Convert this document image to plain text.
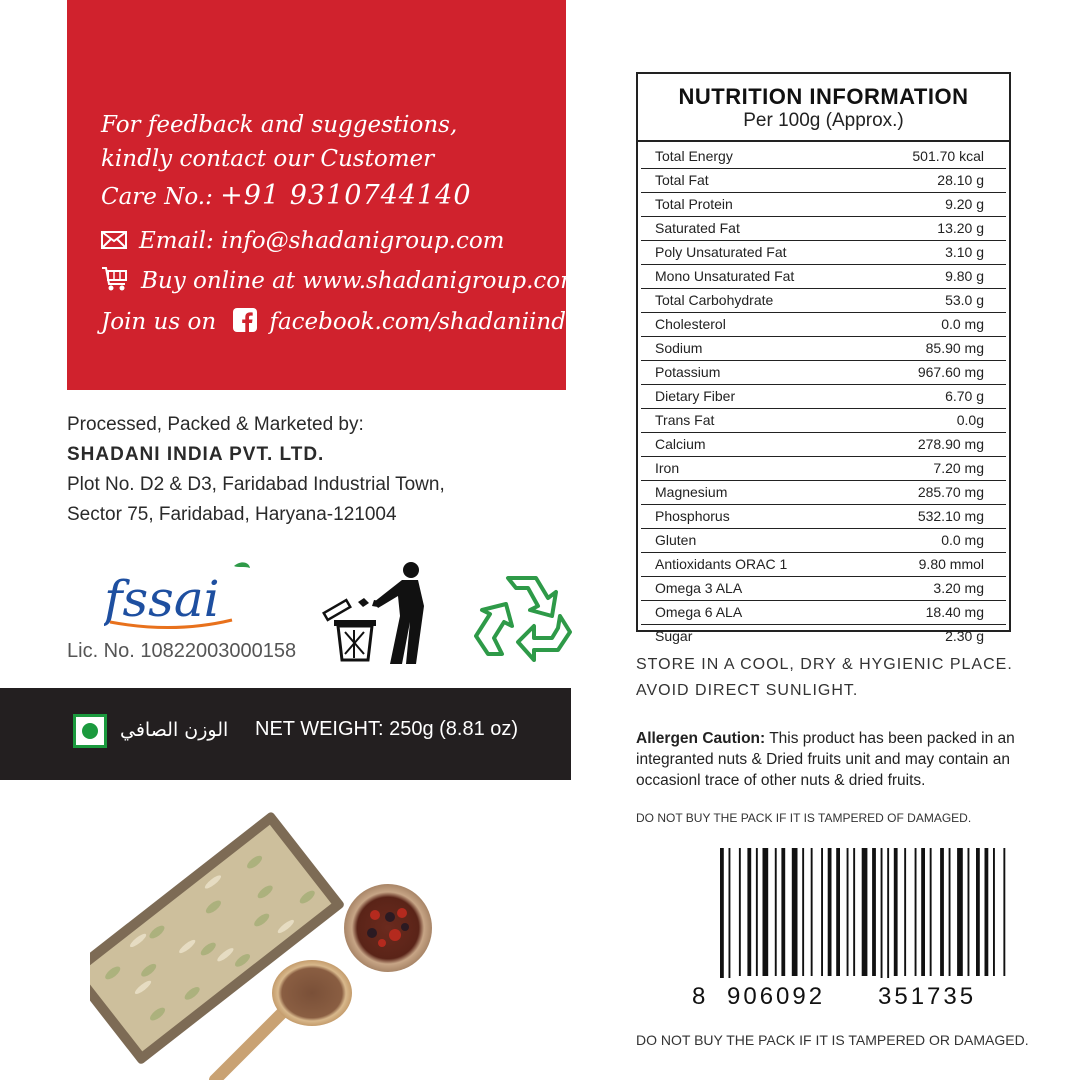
For feedback and suggestions,
kindly contact our Customer
Care No.: +91 9310744140
Email: info@shadanigroup.com
Buy online at www.shadanigroup.com
Join us on facebook.com/shadaniindia
Processed, Packed & Marketed by:
SHADANI INDIA PVT. LTD.
Plot No. D2 & D3, Faridabad Industrial Town,
Sector 75, Faridabad, Haryana-121004
fssai
Lic. No. 10822003000158
الوزن الصافي NET WEIGHT: 250g (8.81 oz)
NUTRITION INFORMATION
Per 100g (Approx.)
Total Energy	501.70 kcal
Total Fat	28.10 g
Total Protein	9.20 g
Saturated Fat	13.20 g
Poly Unsaturated Fat	3.10 g
Mono Unsaturated Fat	9.80 g
Total Carbohydrate	53.0 g
Cholesterol	0.0 mg
Sodium	85.90 mg
Potassium	967.60 mg
Dietary Fiber	6.70 g
Trans Fat	0.0g
Calcium	278.90 mg
Iron	7.20 mg
Magnesium	285.70 mg
Phosphorus	532.10 mg
Gluten	0.0 mg
Antioxidants ORAC 1	9.80 mmol
Omega 3 ALA	3.20 mg
Omega 6 ALA	18.40 mg
Sugar	2.30 g
STORE IN A COOL, DRY & HYGIENIC PLACE.
AVOID DIRECT SUNLIGHT.
Allergen Caution: This product has been packed in an integranted nuts & Dried fruits unit and may contain an occasionl trace of other nuts & dried fruits.
DO NOT BUY THE PACK IF IT IS TAMPERED OF DAMAGED.
8 906092 351735
DO NOT BUY THE PACK IF IT IS TAMPERED OR DAMAGED.
